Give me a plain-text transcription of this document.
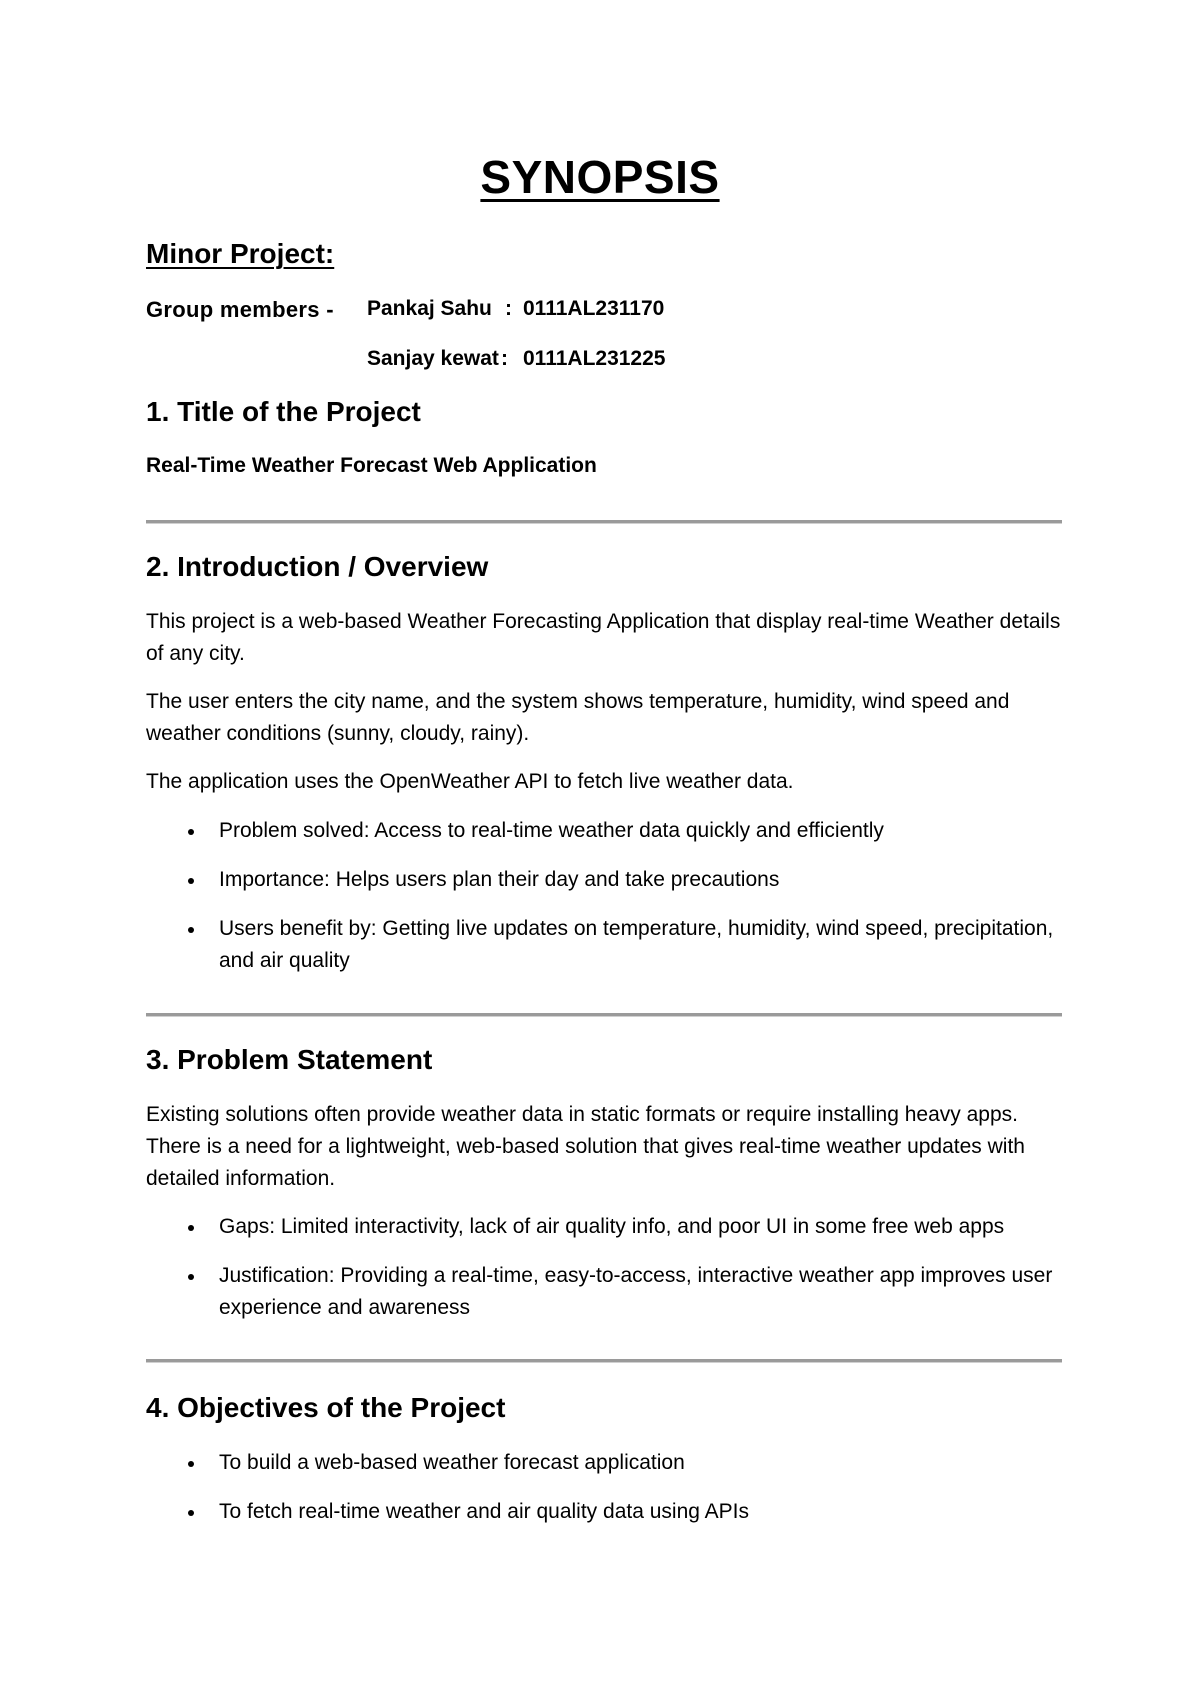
SYNOPSIS
Minor Project:
Group members - Pankaj Sahu : 0111AL231170
Sanjay kewat : 0111AL231225
1. Title of the Project
Real-Time Weather Forecast Web Application
2. Introduction / Overview
This project is a web-based Weather Forecasting Application that display real-time Weather details of any city.
The user enters the city name, and the system shows temperature, humidity, wind speed and weather conditions (sunny, cloudy, rainy).
The application uses the OpenWeather API to fetch live weather data.
Problem solved: Access to real-time weather data quickly and efficiently
Importance: Helps users plan their day and take precautions
Users benefit by: Getting live updates on temperature, humidity, wind speed, precipitation, and air quality
3. Problem Statement
Existing solutions often provide weather data in static formats or require installing heavy apps. There is a need for a lightweight, web-based solution that gives real-time weather updates with detailed information.
Gaps: Limited interactivity, lack of air quality info, and poor UI in some free web apps
Justification: Providing a real-time, easy-to-access, interactive weather app improves user experience and awareness
4. Objectives of the Project
To build a web-based weather forecast application
To fetch real-time weather and air quality data using APIs
